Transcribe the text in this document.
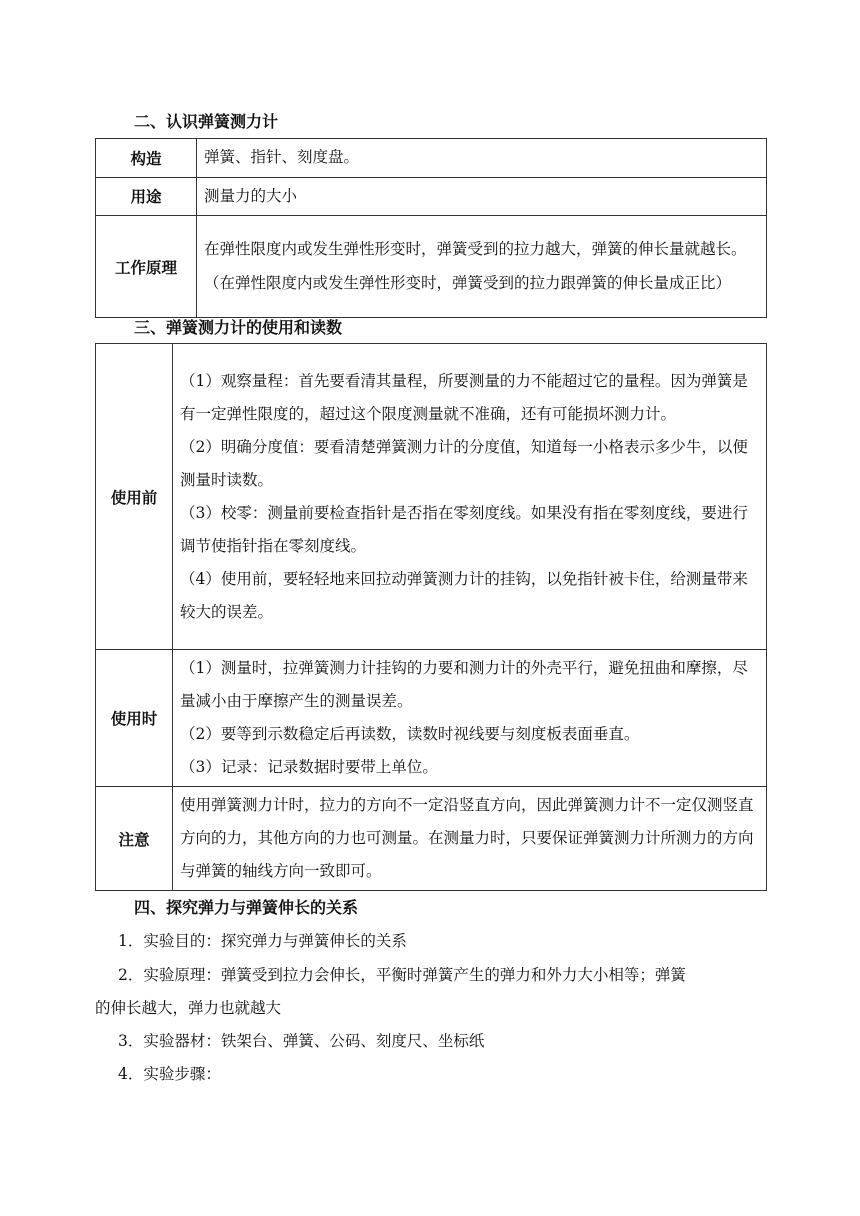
二、认识弹簧测力计
构造	弹簧、指针、刻度盘。

用途	测量力的大小

工作原理	在弹性限度内或发生弹性形变时，弹簧受到的拉力越大，弹簧的伸长量就越长。（在弹性限度内或发生弹性形变时，弹簧受到的拉力跟弹簧的伸长量成正比）

三、弹簧测力计的使用和读数
使用前	（1）观察量程：首先要看清其量程，所要测量的力不能超过它的量程。因为弹簧是有一定弹性限度的，超过这个限度测量就不准确，还有可能损坏测力计。

（2）明确分度值：要看清楚弹簧测力计的分度值，知道每一小格表示多少牛，以便测量时读数。

（3）校零：测量前要检查指针是否指在零刻度线。如果没有指在零刻度线，要进行调节使指针指在零刻度线。

（4）使用前，要轻轻地来回拉动弹簧测力计的挂钩，以免指针被卡住，给测量带来较大的误差。

使用时	（1）测量时，拉弹簧测力计挂钩的力要和测力计的外壳平行，避免扭曲和摩擦，尽量减小由于摩擦产生的测量误差。

（2）要等到示数稳定后再读数，读数时视线要与刻度板表面垂直。

（3）记录：记录数据时要带上单位。

注意	使用弹簧测力计时，拉力的方向不一定沿竖直方向，因此弹簧测力计不一定仅测竖直方向的力，其他方向的力也可测量。在测量力时，只要保证弹簧测力计所测力的方向与弹簧的轴线方向一致即可。

四、探究弹力与弹簧伸长的关系
1．实验目的：探究弹力与弹簧伸长的关系
2．实验原理：弹簧受到拉力会伸长，平衡时弹簧产生的弹力和外力大小相等；弹簧
的伸长越大，弹力也就越大
3．实验器材：铁架台、弹簧、公码、刻度尺、坐标纸
4．实验步骤：
